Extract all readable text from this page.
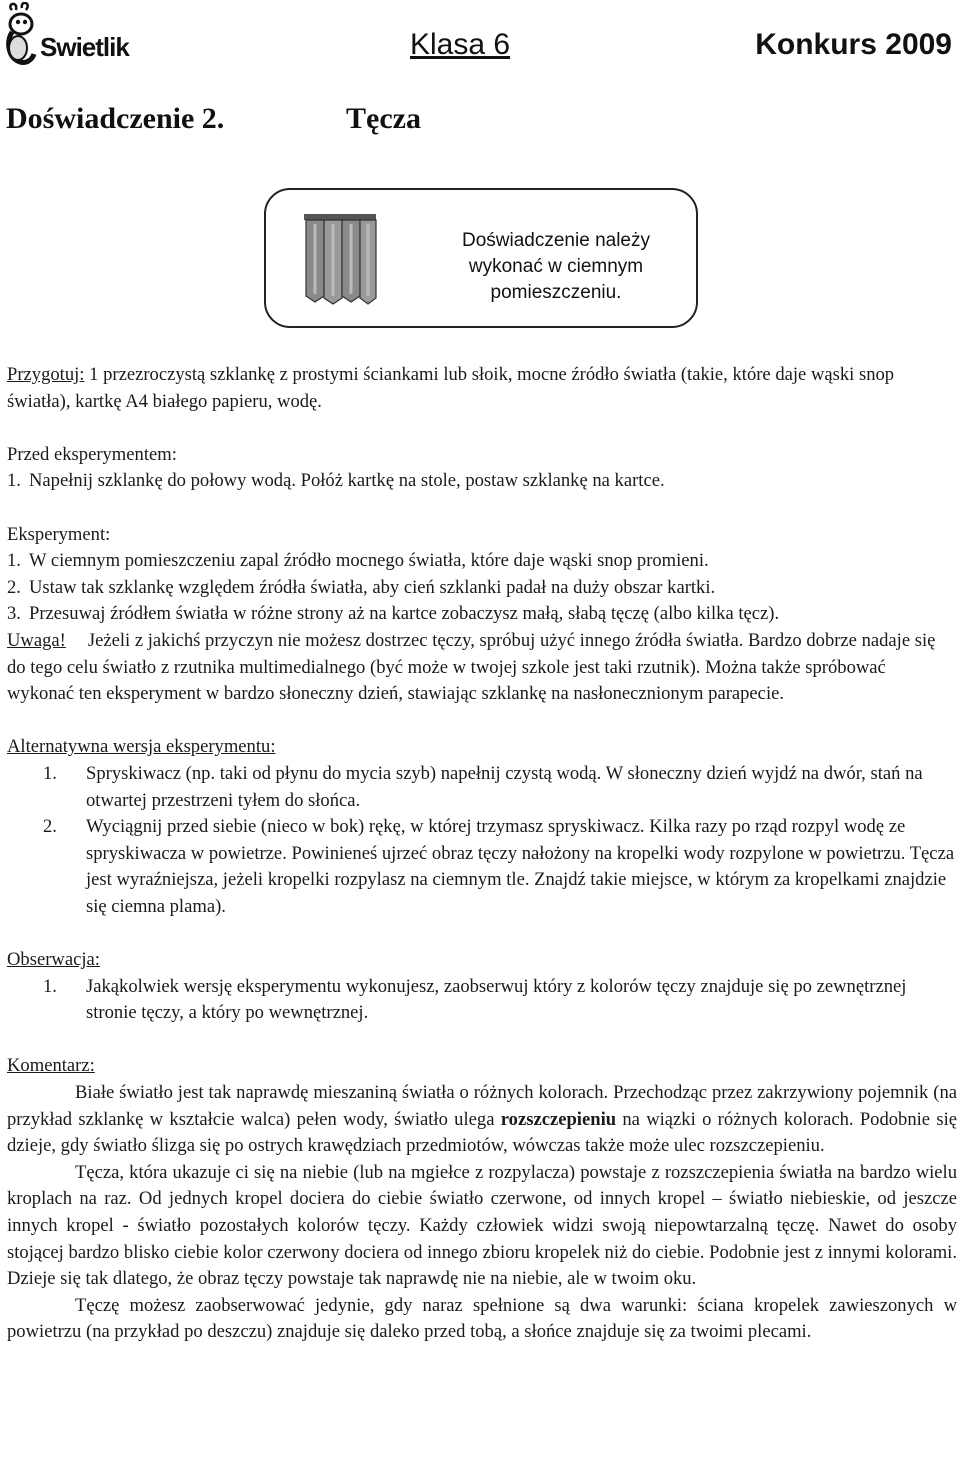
Swietlik	Klasa 6	Konkurs 2009
Doświadczenie 2.	Tęcza
Doświadczenie należy
wykonać w ciemnym
pomieszczeniu.

Przygotuj: 1 przezroczystą szklankę z prostymi ściankami lub słoik, mocne źródło światła (takie, które daje wąski snop światła), kartkę A4 białego papieru, wodę.

Przed eksperymentem:

1. Napełnij szklankę do połowy wodą. Połóż kartkę na stole, postaw szklankę na kartce.

Eksperyment:

1. W ciemnym pomieszczeniu zapal źródło mocnego światła, które daje wąski snop promieni.
2. Ustaw tak szklankę względem źródła światła, aby cień szklanki padał na duży obszar kartki.
3. Przesuwaj źródłem światła w różne strony aż na kartce zobaczysz małą, słabą tęczę (albo kilka tęcz).

Uwaga! Jeżeli z jakichś przyczyn nie możesz dostrzec tęczy, spróbuj użyć innego źródła światła. Bardzo dobrze nadaje się do tego celu światło z rzutnika multimedialnego (być może w twojej szkole jest taki rzutnik). Można także spróbować wykonać ten eksperyment w bardzo słoneczny dzień, stawiając szklankę na nasłonecznionym parapecie.

Alternatywna wersja eksperymentu:

1.	Spryskiwacz (np. taki od płynu do mycia szyb) napełnij czystą wodą. W słoneczny dzień wyjdź na dwór, stań na otwartej przestrzeni tyłem do słońca.
2.	Wyciągnij przed siebie (nieco w bok) rękę, w której trzymasz spryskiwacz. Kilka razy po rząd rozpyl wodę ze spryskiwacza w powietrze. Powinieneś ujrzeć obraz tęczy nałożony na kropelki wody rozpylone w powietrzu. Tęcza jest wyraźniejsza, jeżeli kropelki rozpylasz na ciemnym tle. Znajdź takie miejsce, w którym za kropelkami znajdzie się ciemna plama).

Obserwacja:

1.	Jakąkolwiek wersję eksperymentu wykonujesz, zaobserwuj który z kolorów tęczy znajduje się po zewnętrznej stronie tęczy, a który po wewnętrznej.

Komentarz:

Białe światło jest tak naprawdę mieszaniną światła o różnych kolorach. Przechodząc przez zakrzywiony pojemnik (na przykład szklankę w kształcie walca) pełen wody, światło ulega rozszczepieniu na wiązki o różnych kolorach. Podobnie się dzieje, gdy światło ślizga się po ostrych krawędziach przedmiotów, wówczas także może ulec rozszczepieniu.

Tęcza, która ukazuje ci się na niebie (lub na mgiełce z rozpylacza) powstaje z rozszczepienia światła na bardzo wielu kroplach na raz. Od jednych kropel dociera do ciebie światło czerwone, od innych kropel – światło niebieskie, od jeszcze innych kropel - światło pozostałych kolorów tęczy. Każdy człowiek widzi swoją niepowtarzalną tęczę. Nawet do osoby stojącej bardzo blisko ciebie kolor czerwony dociera od innego zbioru kropelek niż do ciebie. Podobnie jest z innymi kolorami. Dzieje się tak dlatego, że obraz tęczy powstaje tak naprawdę nie na niebie, ale w twoim oku.

Tęczę możesz zaobserwować jedynie, gdy naraz spełnione są dwa warunki: ściana kropelek zawieszonych w powietrzu (na przykład po deszczu) znajduje się daleko przed tobą, a słońce znajduje się za twoimi plecami.
